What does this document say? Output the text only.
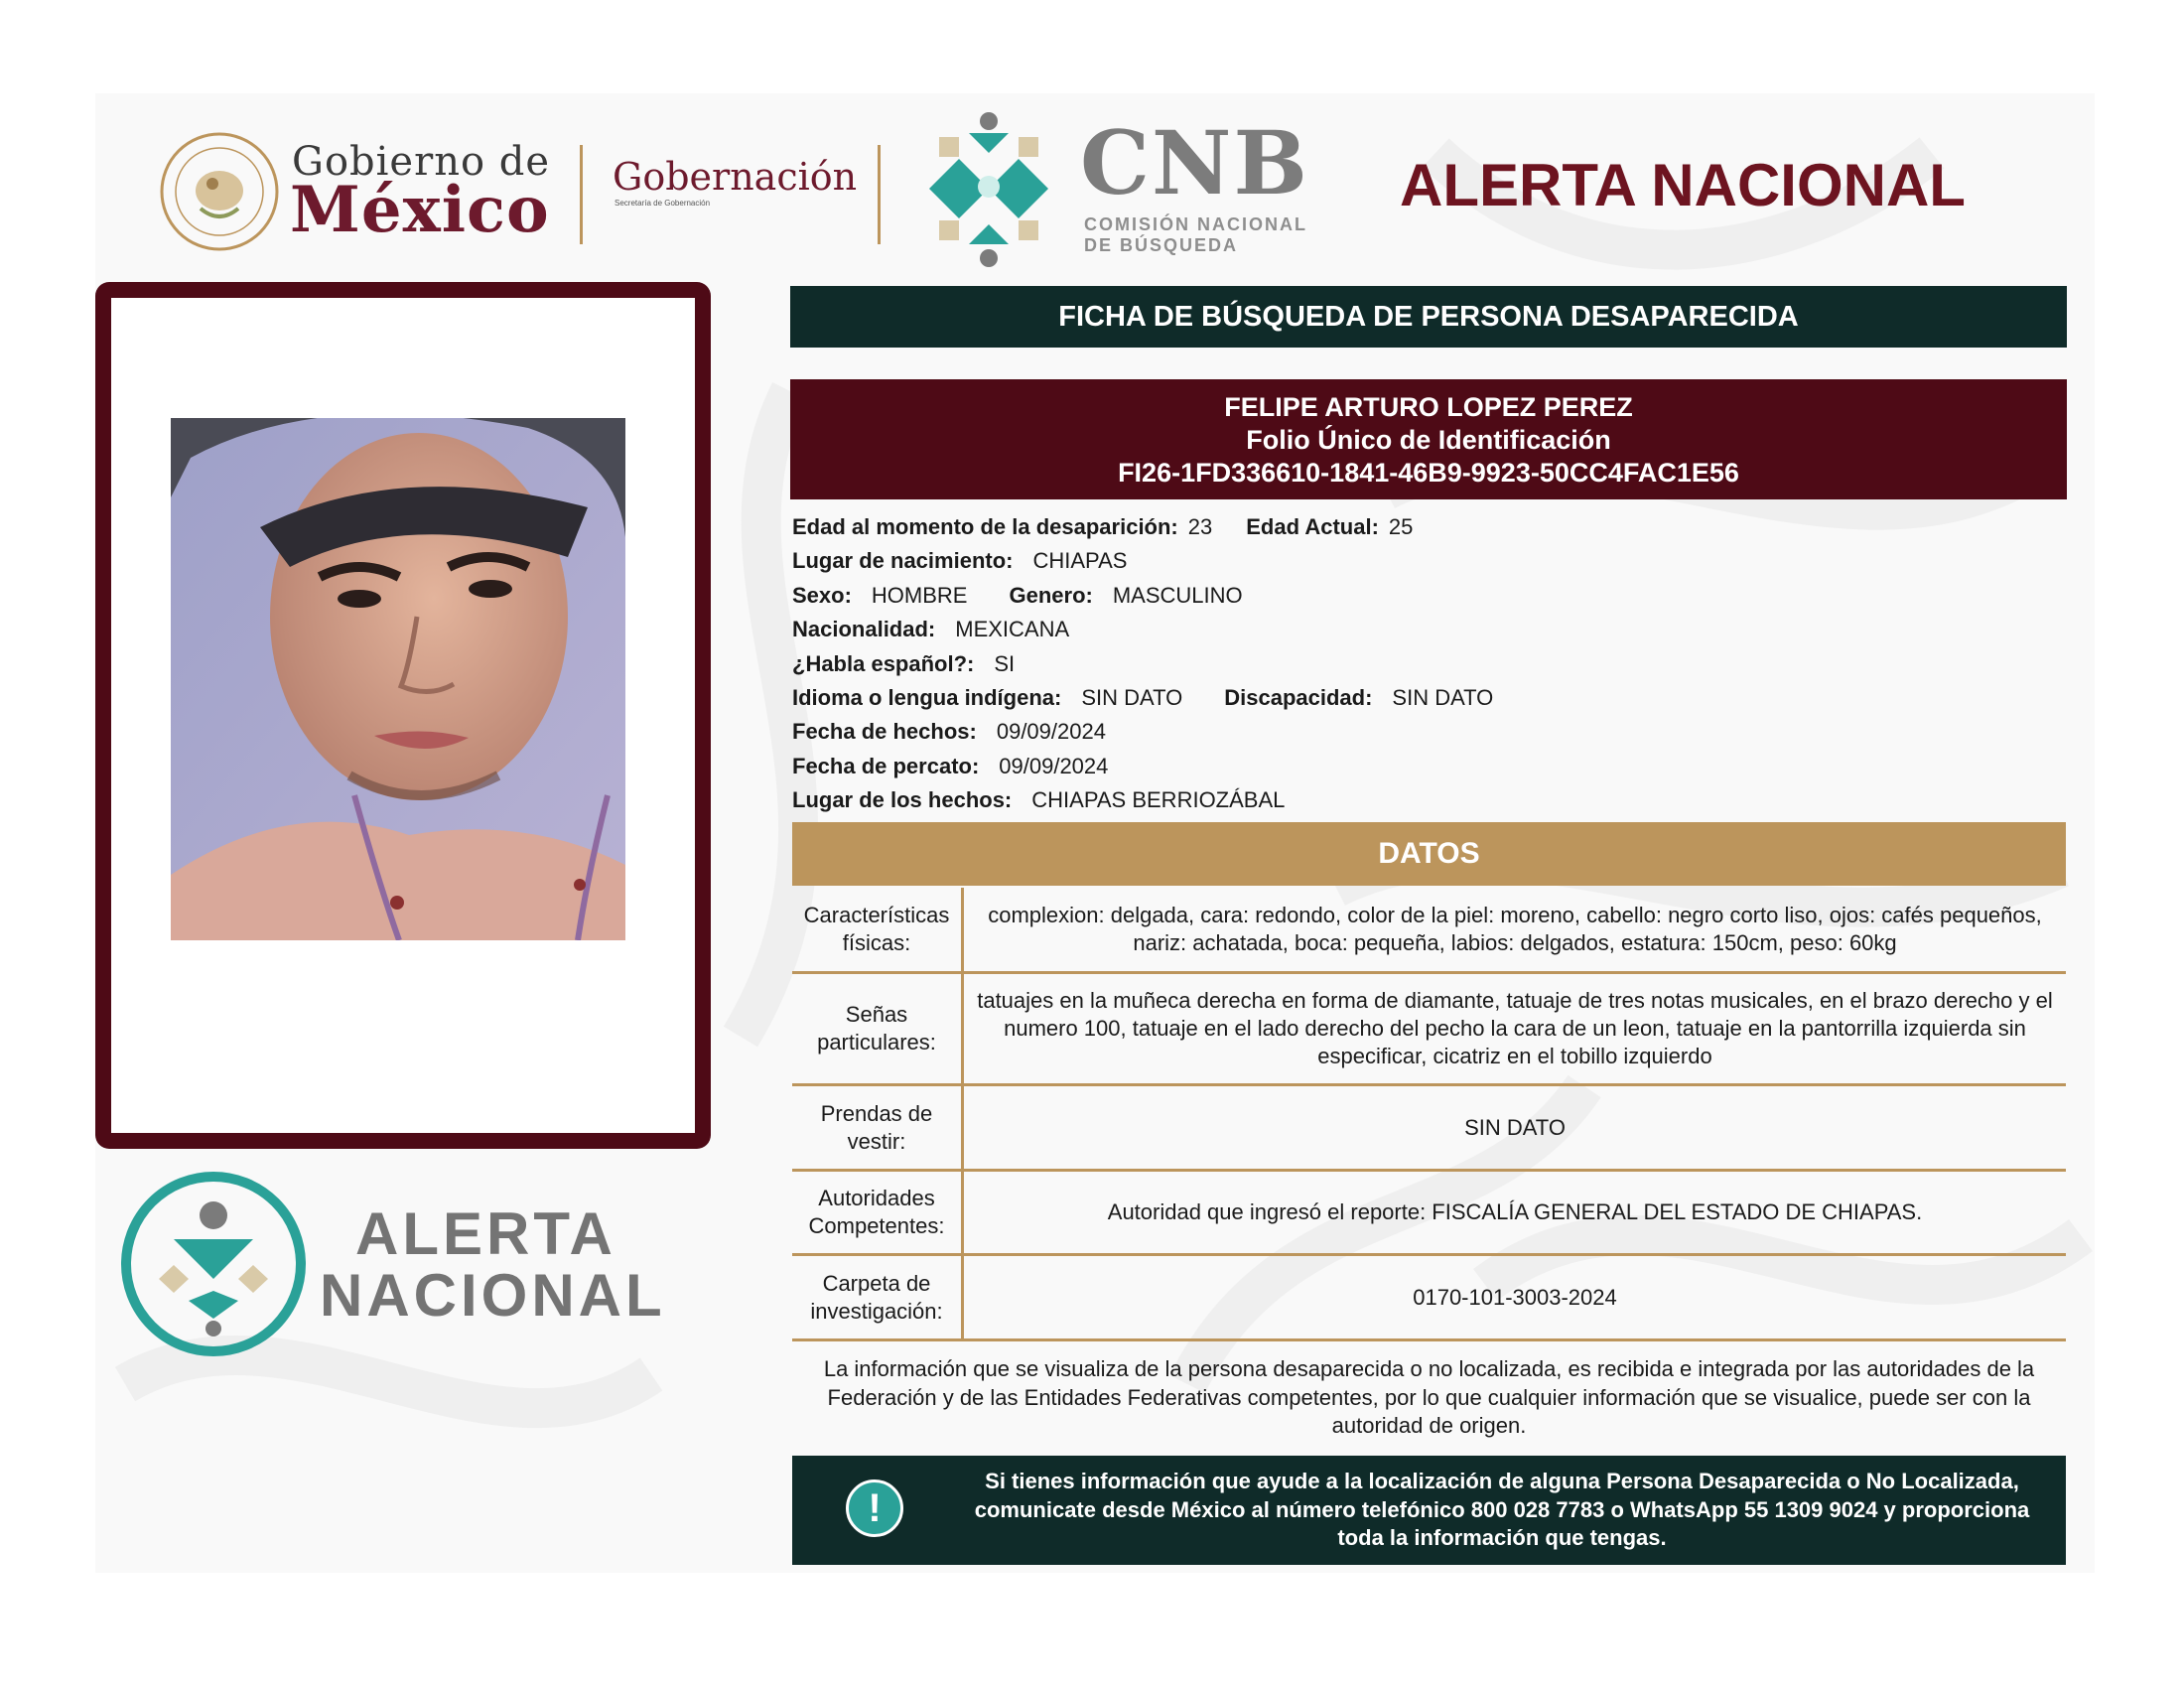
Gobierno de
México Gobernación
Secretaría de Gobernación	CNB
COMISIÓN NACIONAL
DE BÚSQUEDA
ALERTA NACIONAL
ALERTA
NACIONAL
FICHA DE BÚSQUEDA DE PERSONA DESAPARECIDA
FELIPE ARTURO LOPEZ PEREZ
Folio Único de Identificación
FI26-1FD336610-1841-46B9-9923-50CC4FAC1E56
Edad al momento de la desaparición: 23 Edad Actual: 25
Lugar de nacimiento: CHIAPAS
Sexo: HOMBRE Genero: MASCULINO
Nacionalidad: MEXICANA
¿Habla español?: SI
Idioma o lengua indígena: SIN DATO Discapacidad: SIN DATO
Fecha de hechos: 09/09/2024
Fecha de percato: 09/09/2024
Lugar de los hechos: CHIAPAS BERRIOZÁBAL
DATOS
Características
físicas:
complexion: delgada, cara: redondo, color de la piel: moreno, cabello: negro corto liso, ojos: cafés pequeños, nariz: achatada, boca: pequeña, labios: delgados, estatura: 150cm, peso: 60kg
Señas
particulares:
tatuajes en la muñeca derecha en forma de diamante, tatuaje de tres notas musicales, en el brazo derecho y el numero 100, tatuaje en el lado derecho del pecho la cara de un leon, tatuaje en la pantorrilla izquierda sin especificar, cicatriz en el tobillo izquierdo
Prendas de
vestir:
SIN DATO
Autoridades
Competentes:
Autoridad que ingresó el reporte: FISCALÍA GENERAL DEL ESTADO DE CHIAPAS.
Carpeta de
investigación:
0170-101-3003-2024
La información que se visualiza de la persona desaparecida o no localizada, es recibida e integrada por las autoridades de la Federación y de las Entidades Federativas competentes, por lo que cualquier información que se visualice, puede ser con la autoridad de origen.
!
Si tienes información que ayude a la localización de alguna Persona Desaparecida o No Localizada, comunicate desde México al número telefónico 800 028 7783 o WhatsApp 55 1309 9024 y proporciona toda la información que tengas.
